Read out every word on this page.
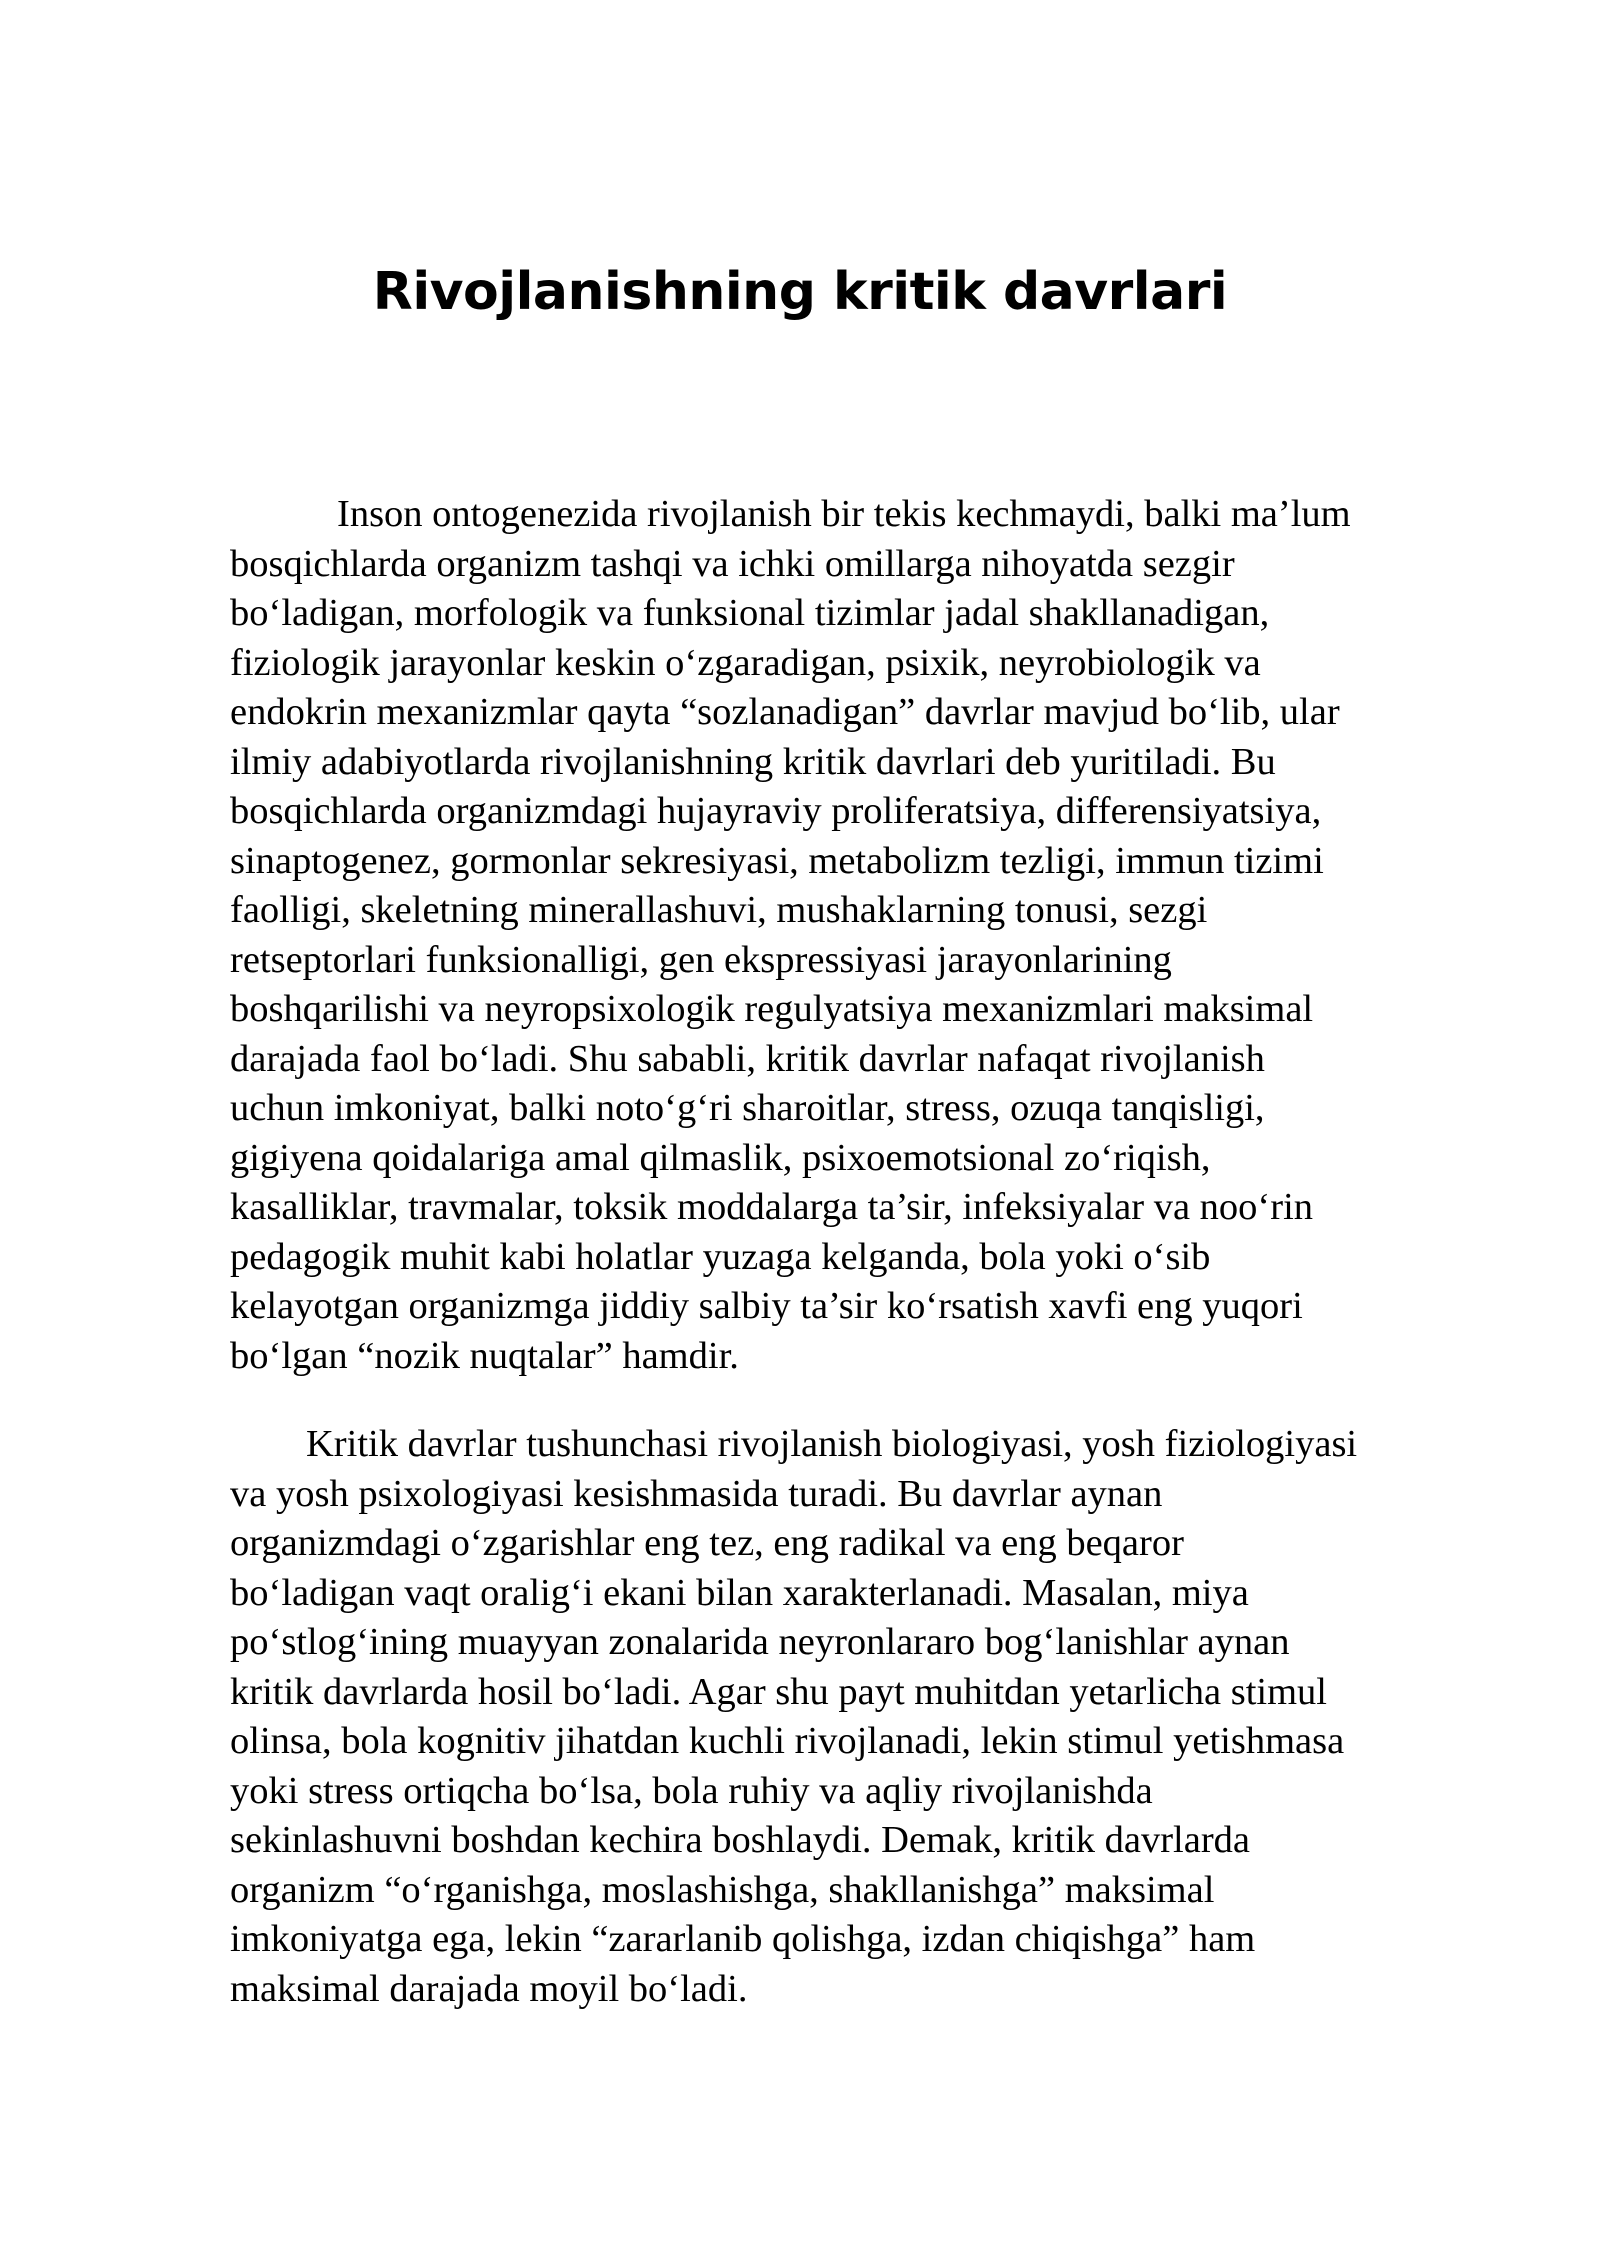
Rivojlanishning kritik davrlari
Inson ontogenezida rivojlanish bir tekis kechmaydi, balki ma’lum
bosqichlarda organizm tashqi va ichki omillarga nihoyatda sezgir
bo‘ladigan, morfologik va funksional tizimlar jadal shakllanadigan,
fiziologik jarayonlar keskin o‘zgaradigan, psixik, neyrobiologik va
endokrin mexanizmlar qayta “sozlanadigan” davrlar mavjud bo‘lib, ular
ilmiy adabiyotlarda rivojlanishning kritik davrlari deb yuritiladi. Bu
bosqichlarda organizmdagi hujayraviy proliferatsiya, differensiyatsiya,
sinaptogenez, gormonlar sekresiyasi, metabolizm tezligi, immun tizimi
faolligi, skeletning minerallashuvi, mushaklarning tonusi, sezgi
retseptorlari funksionalligi, gen ekspressiyasi jarayonlarining
boshqarilishi va neyropsixologik regulyatsiya mexanizmlari maksimal
darajada faol bo‘ladi. Shu sababli, kritik davrlar nafaqat rivojlanish
uchun imkoniyat, balki noto‘g‘ri sharoitlar, stress, ozuqa tanqisligi,
gigiyena qoidalariga amal qilmaslik, psixoemotsional zo‘riqish,
kasalliklar, travmalar, toksik moddalarga ta’sir, infeksiyalar va noo‘rin
pedagogik muhit kabi holatlar yuzaga kelganda, bola yoki o‘sib
kelayotgan organizmga jiddiy salbiy ta’sir ko‘rsatish xavfi eng yuqori
bo‘lgan “nozik nuqtalar” hamdir.
Kritik davrlar tushunchasi rivojlanish biologiyasi, yosh fiziologiyasi
va yosh psixologiyasi kesishmasida turadi. Bu davrlar aynan
organizmdagi o‘zgarishlar eng tez, eng radikal va eng beqaror
bo‘ladigan vaqt oralig‘i ekani bilan xarakterlanadi. Masalan, miya
po‘stlog‘ining muayyan zonalarida neyronlararo bog‘lanishlar aynan
kritik davrlarda hosil bo‘ladi. Agar shu payt muhitdan yetarlicha stimul
olinsa, bola kognitiv jihatdan kuchli rivojlanadi, lekin stimul yetishmasa
yoki stress ortiqcha bo‘lsa, bola ruhiy va aqliy rivojlanishda
sekinlashuvni boshdan kechira boshlaydi. Demak, kritik davrlarda
organizm “o‘rganishga, moslashishga, shakllanishga” maksimal
imkoniyatga ega, lekin “zararlanib qolishga, izdan chiqishga” ham
maksimal darajada moyil bo‘ladi.
